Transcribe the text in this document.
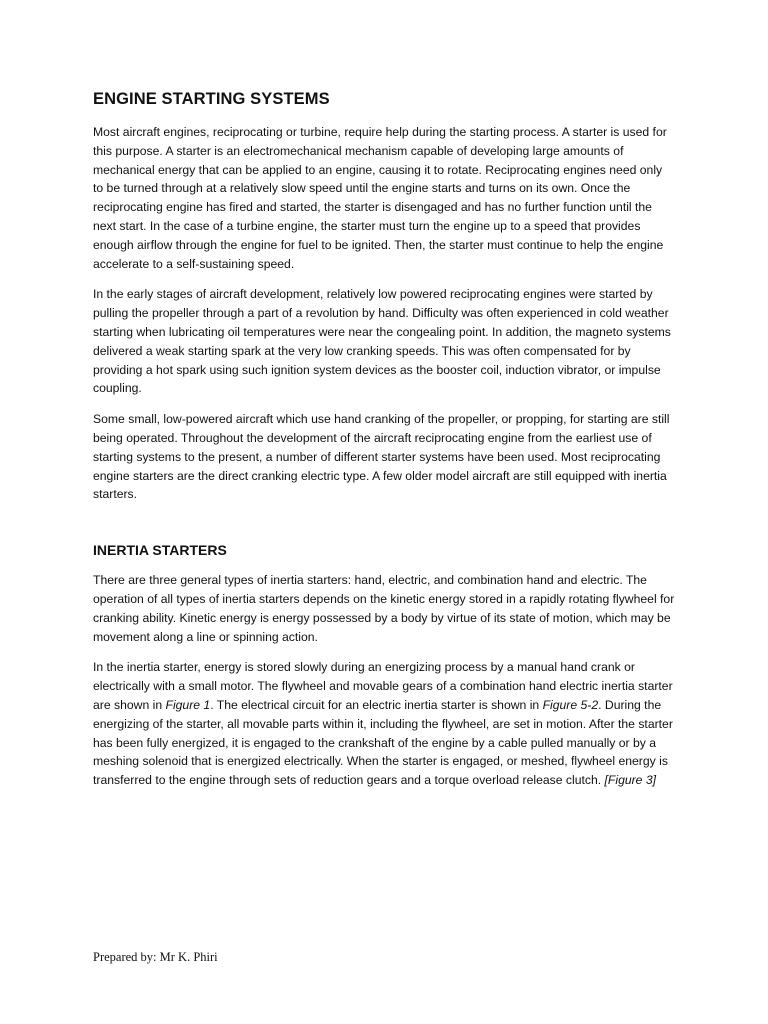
ENGINE STARTING SYSTEMS

Most aircraft engines, reciprocating or turbine, require help during the starting process. A starter is used for this purpose. A starter is an electromechanical mechanism capable of developing large amounts of mechanical energy that can be applied to an engine, causing it to rotate. Reciprocating engines need only to be turned through at a relatively slow speed until the engine starts and turns on its own. Once the reciprocating engine has fired and started, the starter is disengaged and has no further function until the next start. In the case of a turbine engine, the starter must turn the engine up to a speed that provides enough airflow through the engine for fuel to be ignited. Then, the starter must continue to help the engine accelerate to a self-sustaining speed.

In the early stages of aircraft development, relatively low powered reciprocating engines were started by pulling the propeller through a part of a revolution by hand. Difficulty was often experienced in cold weather starting when lubricating oil temperatures were near the congealing point. In addition, the magneto systems delivered a weak starting spark at the very low cranking speeds. This was often compensated for by providing a hot spark using such ignition system devices as the booster coil, induction vibrator, or impulse coupling.

Some small, low-powered aircraft which use hand cranking of the propeller, or propping, for starting are still being operated. Throughout the development of the aircraft reciprocating engine from the earliest use of starting systems to the present, a number of different starter systems have been used. Most reciprocating engine starters are the direct cranking electric type. A few older model aircraft are still equipped with inertia starters.

INERTIA STARTERS

There are three general types of inertia starters: hand, electric, and combination hand and electric. The operation of all types of inertia starters depends on the kinetic energy stored in a rapidly rotating flywheel for cranking ability. Kinetic energy is energy possessed by a body by virtue of its state of motion, which may be movement along a line or spinning action.

In the inertia starter, energy is stored slowly during an energizing process by a manual hand crank or electrically with a small motor. The flywheel and movable gears of a combination hand electric inertia starter are shown in Figure 1. The electrical circuit for an electric inertia starter is shown in Figure 5-2. During the energizing of the starter, all movable parts within it, including the flywheel, are set in motion. After the starter has been fully energized, it is engaged to the crankshaft of the engine by a cable pulled manually or by a meshing solenoid that is energized electrically. When the starter is engaged, or meshed, flywheel energy is transferred to the engine through sets of reduction gears and a torque overload release clutch. [Figure 3]

Prepared by: Mr K. Phiri
